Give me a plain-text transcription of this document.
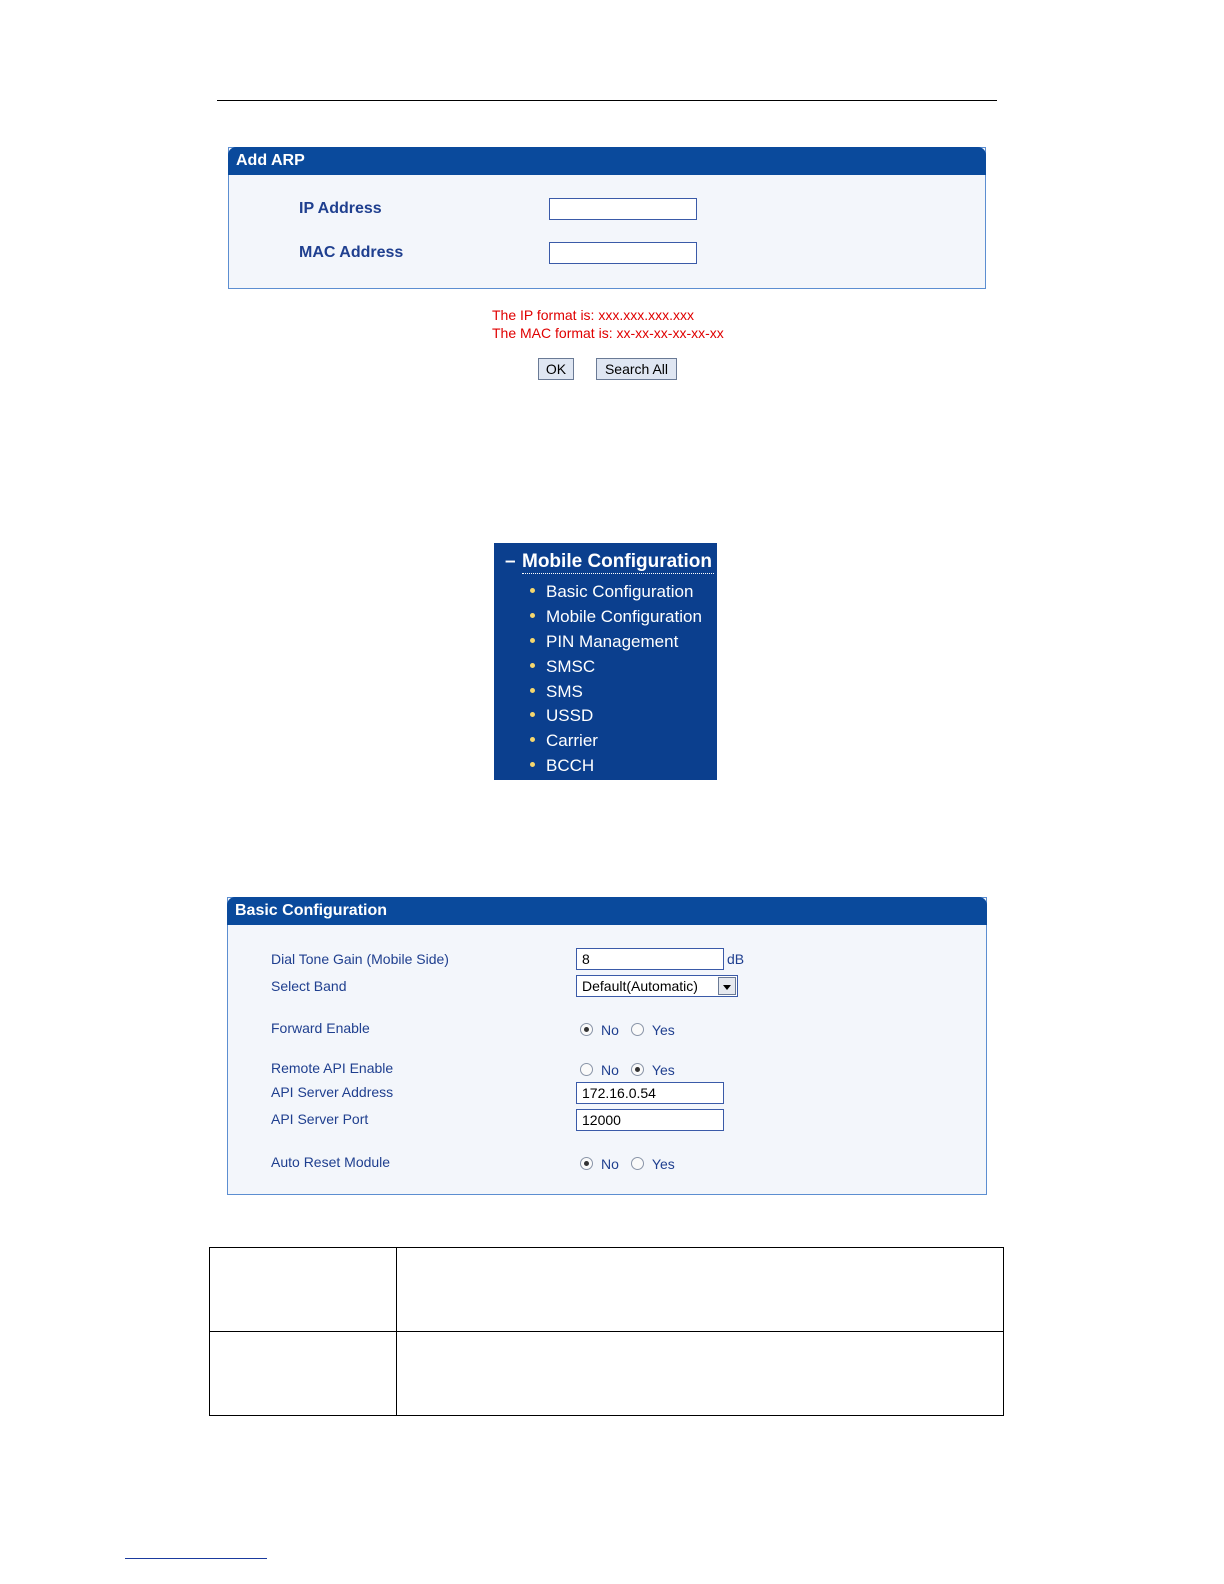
Add ARP
IP Address
MAC Address
The IP format is: xxx.xxx.xxx.xxx
The MAC format is: xx-xx-xx-xx-xx-xx
OK	Search All
– Mobile Configuration
Basic Configuration
Mobile Configuration
PIN Management
SMSC
SMS
USSD
Carrier
BCCH
Basic Configuration
Dial Tone Gain (Mobile Side)	8	dB
Select Band	Default(Automatic)
Forward Enable	No Yes
Remote API Enable	No Yes
API Server Address	172.16.0.54
API Server Port	12000
Auto Reset Module	No Yes
